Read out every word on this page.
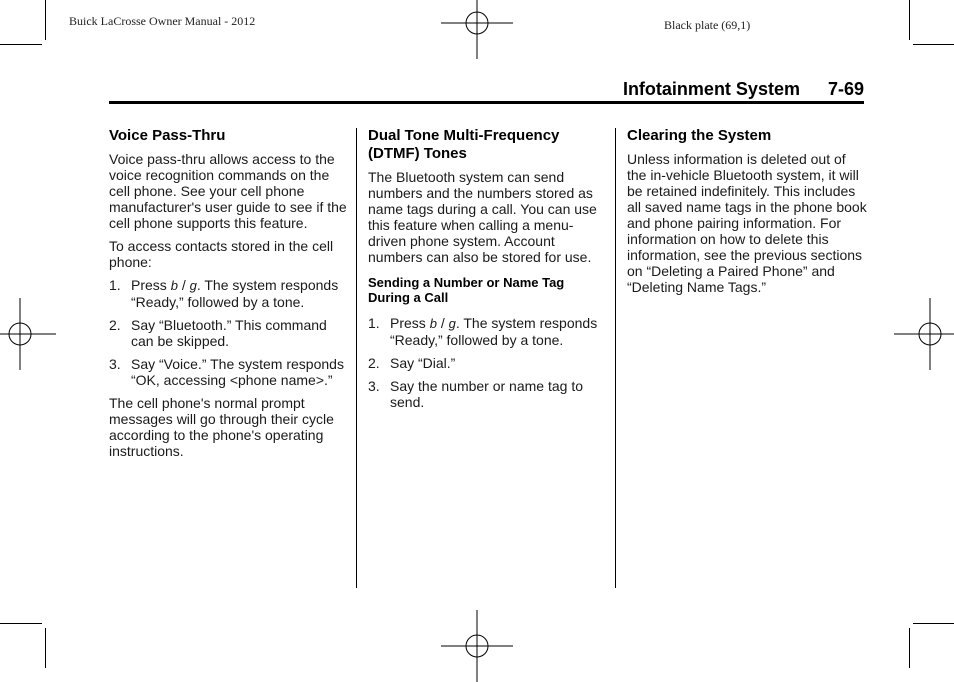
Buick LaCrosse Owner Manual - 2012	Black plate (69,1)
Infotainment System 7-69
Voice Pass-Thru

Voice pass-thru allows access to the voice recognition commands on the cell phone. See your cell phone manufacturer's user guide to see if the cell phone supports this feature.

To access contacts stored in the cell phone:

1. Press b / g. The system responds “Ready,” followed by a tone.
2. Say “Bluetooth.” This command can be skipped.
3. Say “Voice.” The system responds “OK, accessing <phone name>.”

The cell phone's normal prompt messages will go through their cycle according to the phone's operating instructions.

Dual Tone Multi-Frequency (DTMF) Tones

The Bluetooth system can send numbers and the numbers stored as name tags during a call. You can use this feature when calling a menu-driven phone system. Account numbers can also be stored for use.

Sending a Number or Name Tag During a Call
1. Press b / g. The system responds “Ready,” followed by a tone.
2. Say “Dial.”
3. Say the number or name tag to send.
Clearing the System

Unless information is deleted out of the in-vehicle Bluetooth system, it will be retained indefinitely. This includes all saved name tags in the phone book and phone pairing information. For information on how to delete this information, see the previous sections on “Deleting a Paired Phone” and “Deleting Name Tags.”
